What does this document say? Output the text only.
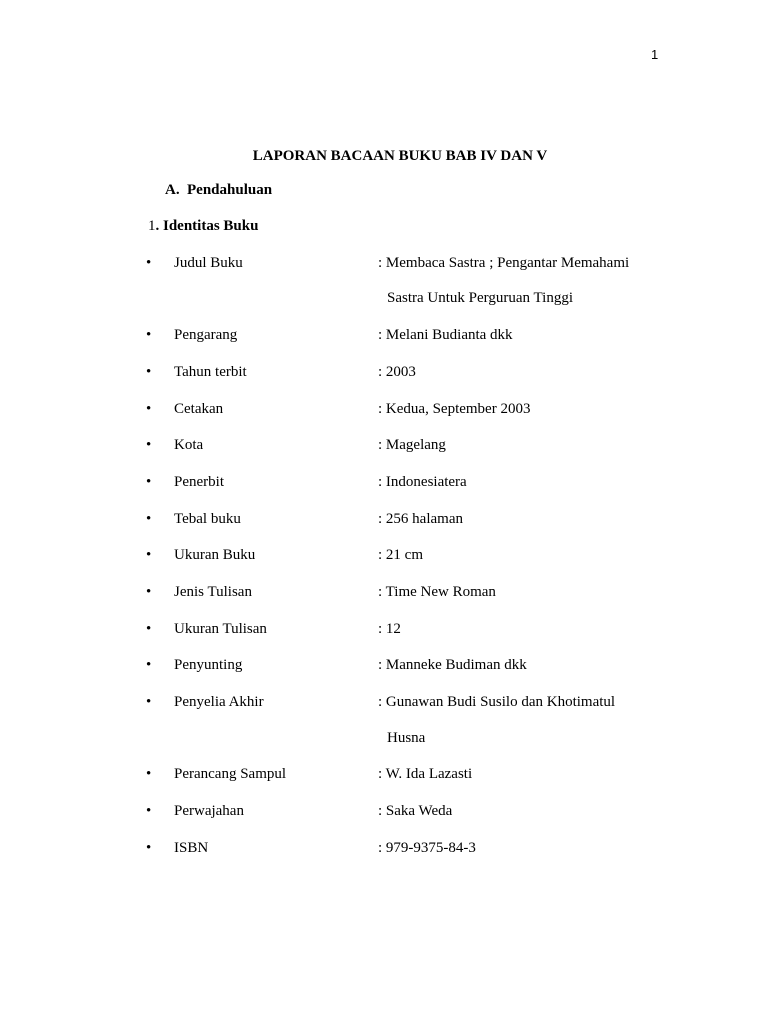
1
LAPORAN BACAAN BUKU BAB IV DAN V
A. Pendahuluan
1. Identitas Buku
• Judul Buku	: Membaca Sastra ; Pengantar Memahami
Sastra Untuk Perguruan Tinggi
• Pengarang	: Melani Budianta dkk
• Tahun terbit	: 2003
• Cetakan	: Kedua, September 2003
• Kota	: Magelang
• Penerbit	: Indonesiatera
• Tebal buku	: 256 halaman
• Ukuran Buku	: 21 cm
• Jenis Tulisan	: Time New Roman
• Ukuran Tulisan	: 12
• Penyunting	: Manneke Budiman dkk
• Penyelia Akhir	: Gunawan Budi Susilo dan Khotimatul
Husna
• Perancang Sampul	: W. Ida Lazasti
• Perwajahan	: Saka Weda
• ISBN	: 979-9375-84-3
